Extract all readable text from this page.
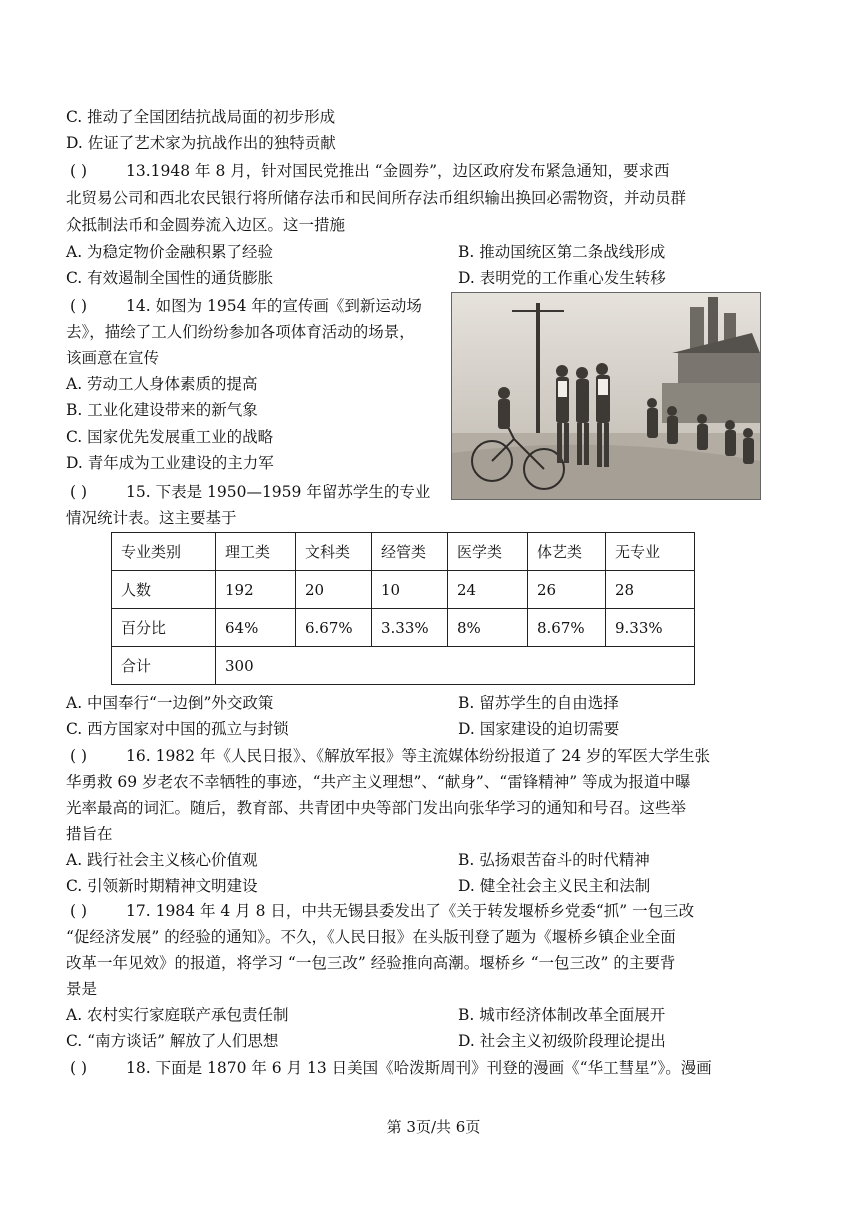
C. 推动了全国团结抗战局面的初步形成
D. 佐证了艺术家为抗战作出的独特贡献
( )	13.1948 年 8 月，针对国民党推出 “金圆券”，边区政府发布紧急通知，要求西
北贸易公司和西北农民银行将所储存法币和民间所存法币组织输出换回必需物资，并动员群
众抵制法币和金圆券流入边区。这一措施
A. 为稳定物价金融积累了经验	B. 推动国统区第二条战线形成
C. 有效遏制全国性的通货膨胀	D. 表明党的工作重心发生转移
( )	14. 如图为 1954 年的宣传画《到新运动场
去》，描绘了工人们纷纷参加各项体育活动的场景，
该画意在宣传
A. 劳动工人身体素质的提高
B. 工业化建设带来的新气象
C. 国家优先发展重工业的战略
D. 青年成为工业建设的主力军
( )	15. 下表是 1950—1959 年留苏学生的专业
情况统计表。这主要基于
专业类别	理工类	文科类	经管类	医学类	体艺类	无专业
人数	192	20	10	24	26	28
百分比	64%	6.67%	3.33%	8%	8.67%	9.33%
合计	300					
A. 中国奉行“一边倒”外交政策	B. 留苏学生的自由选择
C. 西方国家对中国的孤立与封锁	D. 国家建设的迫切需要
( )	16. 1982 年《人民日报》、《解放军报》等主流媒体纷纷报道了 24 岁的军医大学生张
华勇救 69 岁老农不幸牺牲的事迹，“共产主义理想”、“献身”、“雷锋精神” 等成为报道中曝
光率最高的词汇。随后，教育部、共青团中央等部门发出向张华学习的通知和号召。这些举
措旨在
A. 践行社会主义核心价值观	B. 弘扬艰苦奋斗的时代精神
C. 引领新时期精神文明建设	D. 健全社会主义民主和法制
( )	17. 1984 年 4 月 8 日，中共无锡县委发出了《关于转发堰桥乡党委“抓” 一包三改
“促经济发展” 的经验的通知》。不久，《人民日报》在头版刊登了题为《堰桥乡镇企业全面
改革一年见效》的报道，将学习 “一包三改” 经验推向高潮。堰桥乡 “一包三改” 的主要背
景是
A. 农村实行家庭联产承包责任制	B. 城市经济体制改革全面展开
C. “南方谈话” 解放了人们思想	D. 社会主义初级阶段理论提出
( )	18. 下面是 1870 年 6 月 13 日美国《哈泼斯周刊》刊登的漫画《“华工彗星”》。漫画
第 3页/共 6页
